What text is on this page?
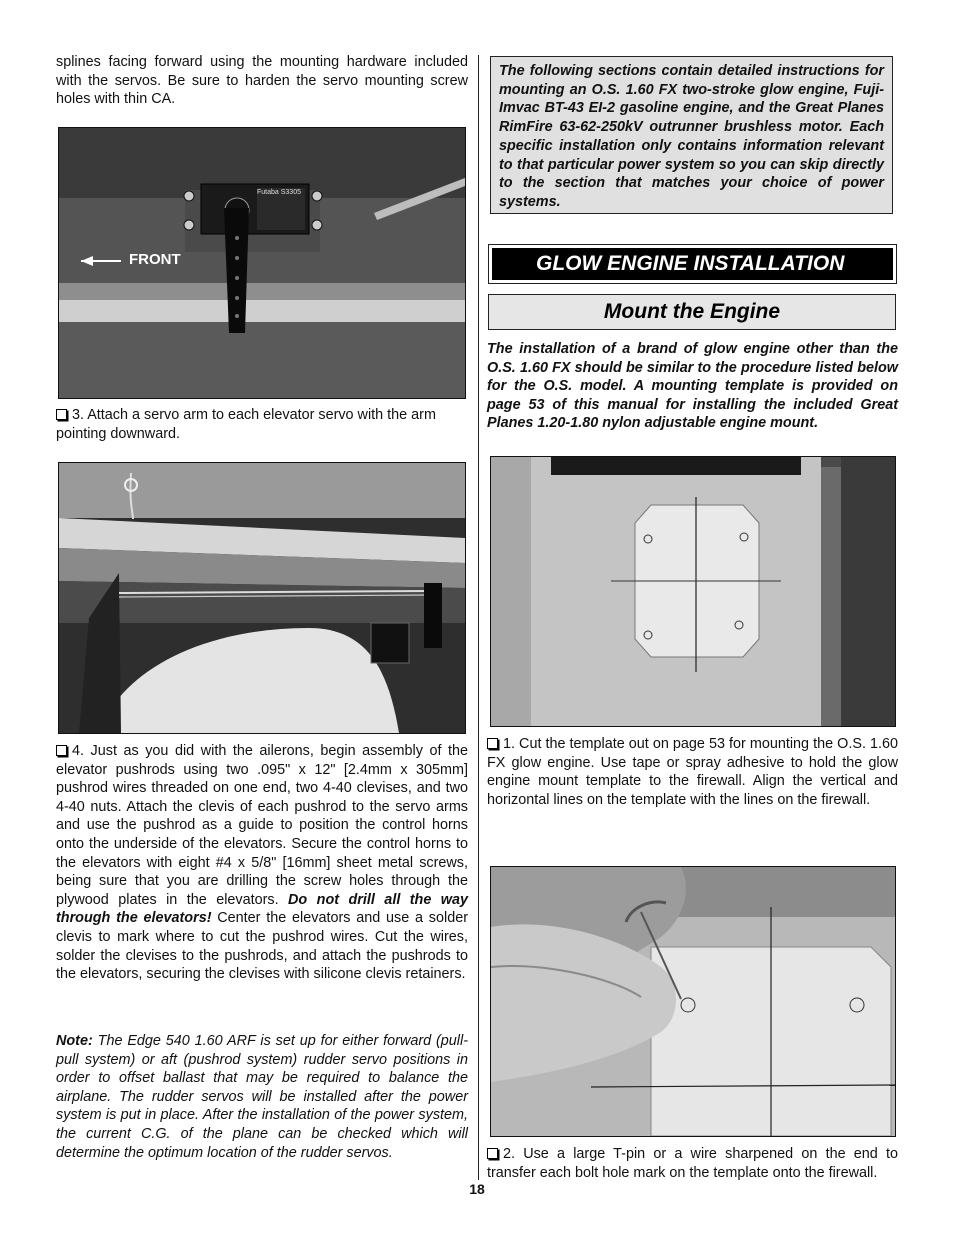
splines facing forward using the mounting hardware included with the servos. Be sure to harden the servo mounting screw holes with thin CA.

FRONT
Futaba S3305

3. Attach a servo arm to each elevator servo with the arm pointing downward.

4. Just as you did with the ailerons, begin assembly of the elevator pushrods using two .095" x 12" [2.4mm x 305mm] pushrod wires threaded on one end, two 4-40 clevises, and two 4-40 nuts. Attach the clevis of each pushrod to the servo arms and use the pushrod as a guide to position the control horns onto the underside of the elevators. Secure the control horns to the elevators with eight #4 x 5/8" [16mm] sheet metal screws, being sure that you are drilling the screw holes through the plywood plates in the elevators. Do not drill all the way through the elevators! Center the elevators and use a solder clevis to mark where to cut the pushrod wires. Cut the wires, solder the clevises to the pushrods, and attach the pushrods to the elevators, securing the clevises with silicone clevis retainers.

Note: The Edge 540 1.60 ARF is set up for either forward (pull-pull system) or aft (pushrod system) rudder servo positions in order to offset ballast that may be required to balance the airplane. The rudder servos will be installed after the power system is put in place. After the installation of the power system, the current C.G. of the plane can be checked which will determine the optimum location of the rudder servos.

The following sections contain detailed instructions for mounting an O.S. 1.60 FX two-stroke glow engine, Fuji-Imvac BT-43 EI-2 gasoline engine, and the Great Planes RimFire 63-62-250kV outrunner brushless motor. Each specific installation only contains information relevant to that particular power system so you can skip directly to the section that matches your choice of power systems.

GLOW ENGINE INSTALLATION
Mount the Engine

The installation of a brand of glow engine other than the O.S. 1.60 FX should be similar to the procedure listed below for the O.S. model. A mounting template is provided on page 53 of this manual for installing the included Great Planes 1.20-1.80 nylon adjustable engine mount.

1. Cut the template out on page 53 for mounting the O.S. 1.60 FX glow engine. Use tape or spray adhesive to hold the glow engine mount template to the firewall. Align the vertical and horizontal lines on the template with the lines on the firewall.

2. Use a large T-pin or a wire sharpened on the end to transfer each bolt hole mark on the template onto the firewall.

18
